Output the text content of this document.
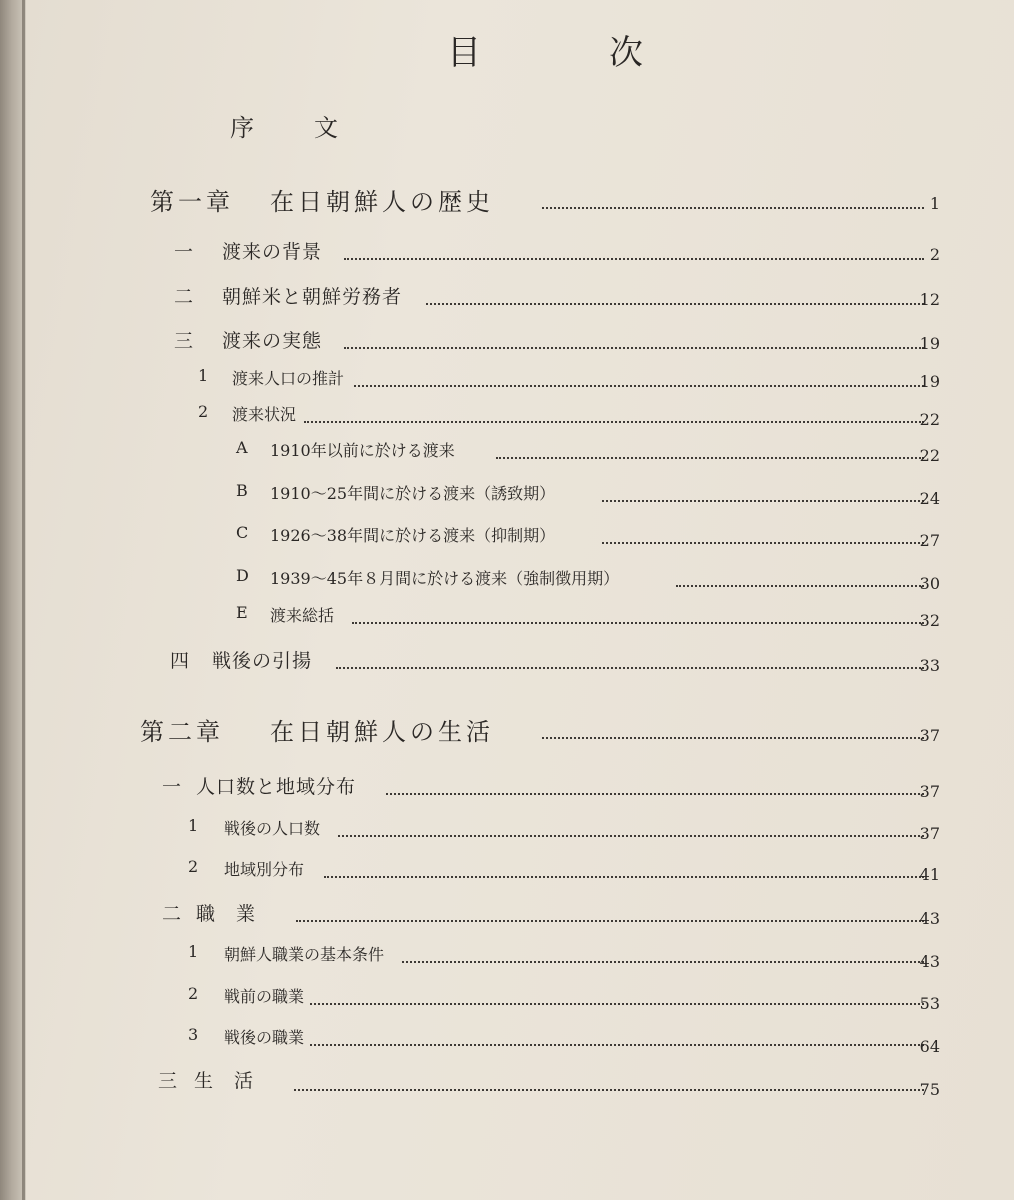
目	次
序	文
第一章 在日朝鮮人の歴史	1
一 渡来の背景	2
二 朝鮮米と朝鮮労務者	12
三 渡来の実態	19
1 渡来人口の推計	19
2 渡来状況	22
A 1910年以前に於ける渡来	22
B 1910～25年間に於ける渡来（誘致期）	24
C 1926～38年間に於ける渡来（抑制期）	27
D 1939～45年８月間に於ける渡来（強制徴用期）	30
E 渡来総括	32
四 戦後の引揚	33
第二章 在日朝鮮人の生活	37
一 人口数と地域分布	37
1 戦後の人口数	37
2 地域別分布	41
二 職　業	43
1 朝鮮人職業の基本条件	43
2 戦前の職業	53
3 戦後の職業	64
三 生　活	75
